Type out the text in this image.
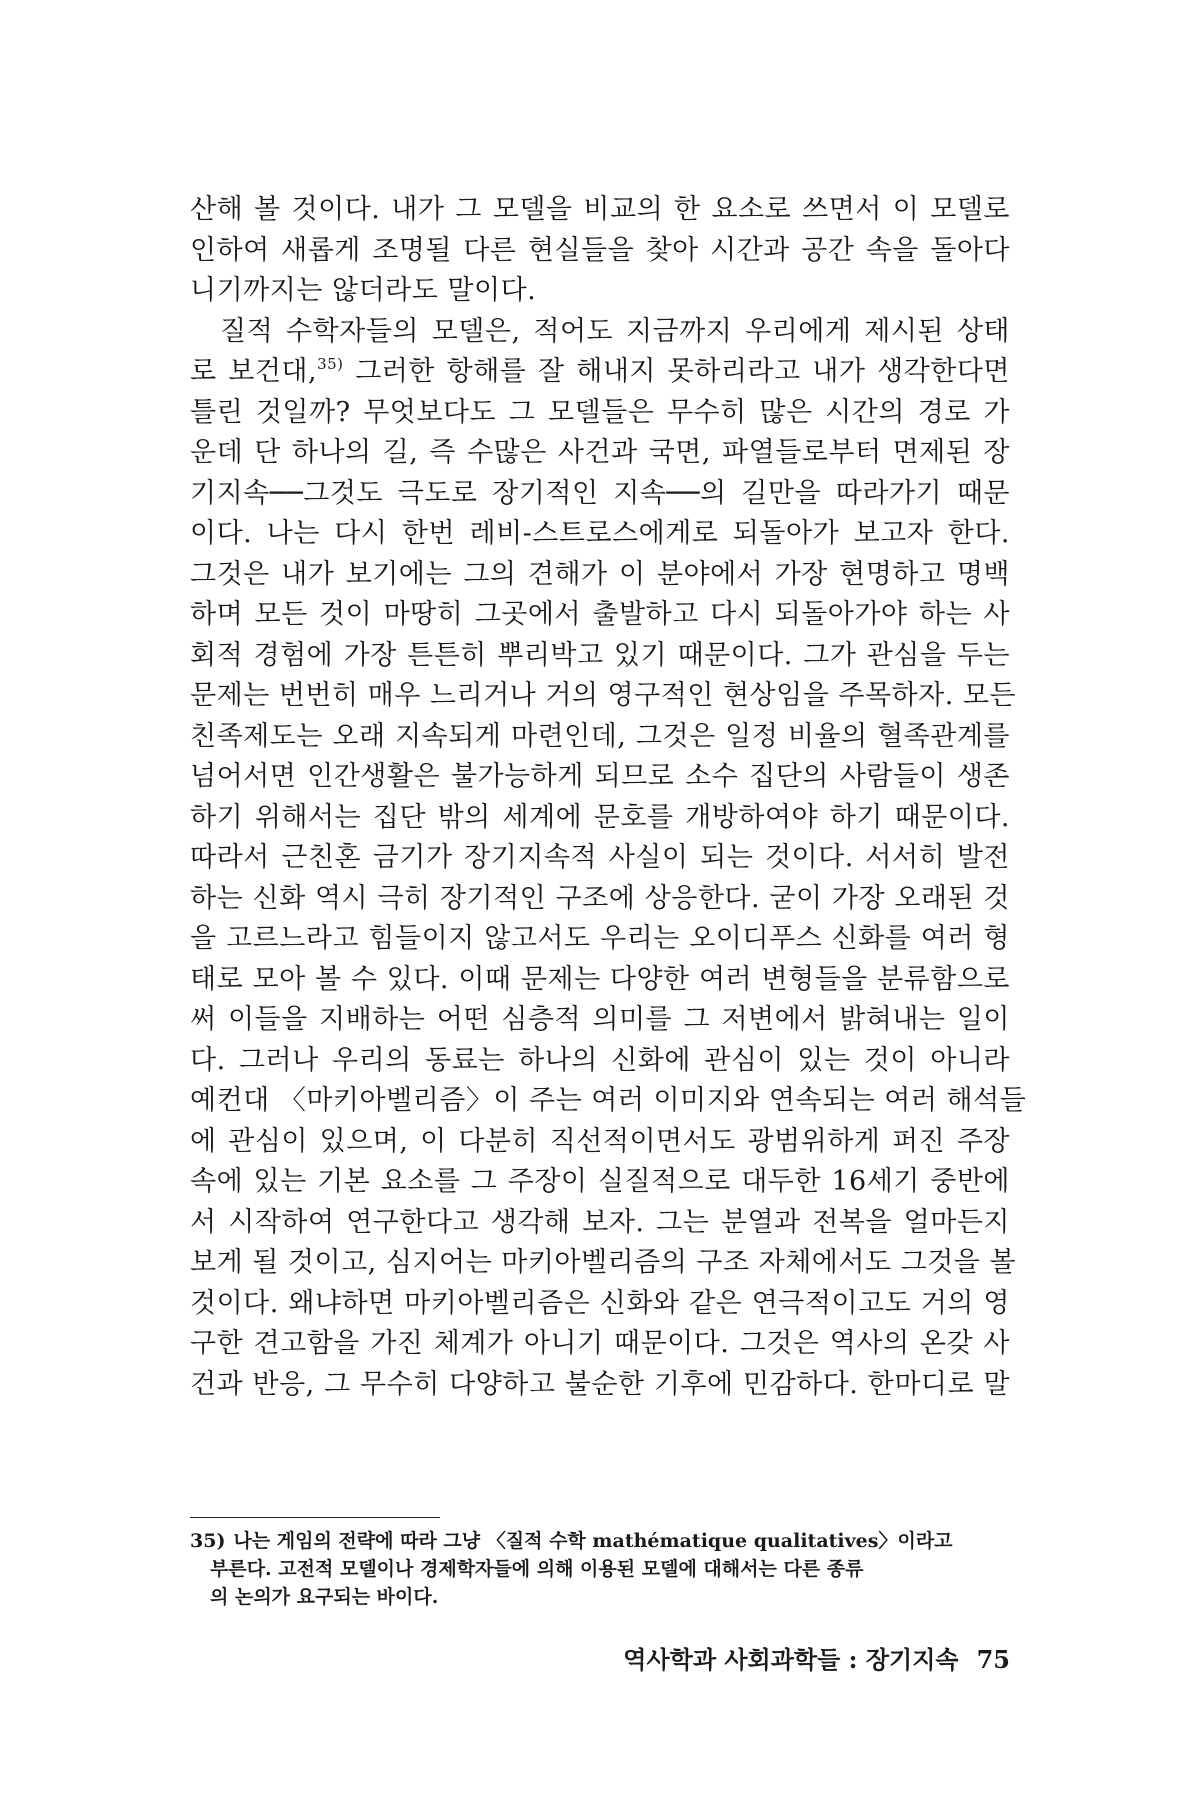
산해 볼 것이다. 내가 그 모델을 비교의 한 요소로 쓰면서 이 모델로
인하여 새롭게 조명될 다른 현실들을 찾아 시간과 공간 속을 돌아다
니기까지는 않더라도 말이다.
질적 수학자들의 모델은, 적어도 지금까지 우리에게 제시된 상태
로 보건대,$^{35)}$ 그러한 항해를 잘 해내지 못하리라고 내가 생각한다면
틀린 것일까? 무엇보다도 그 모델들은 무수히 많은 시간의 경로 가
운데 단 하나의 길, 즉 수많은 사건과 국면, 파열들로부터 면제된 장
기지속──그것도 극도로 장기적인 지속──의 길만을 따라가기 때문
이다. 나는 다시 한번 레비-스트로스에게로 되돌아가 보고자 한다.
그것은 내가 보기에는 그의 견해가 이 분야에서 가장 현명하고 명백
하며 모든 것이 마땅히 그곳에서 출발하고 다시 되돌아가야 하는 사
회적 경험에 가장 튼튼히 뿌리박고 있기 때문이다. 그가 관심을 두는
문제는 번번히 매우 느리거나 거의 영구적인 현상임을 주목하자. 모든
친족제도는 오래 지속되게 마련인데, 그것은 일정 비율의 혈족관계를
넘어서면 인간생활은 불가능하게 되므로 소수 집단의 사람들이 생존
하기 위해서는 집단 밖의 세계에 문호를 개방하여야 하기 때문이다.
따라서 근친혼 금기가 장기지속적 사실이 되는 것이다. 서서히 발전
하는 신화 역시 극히 장기적인 구조에 상응한다. 굳이 가장 오래된 것
을 고르느라고 힘들이지 않고서도 우리는 오이디푸스 신화를 여러 형
태로 모아 볼 수 있다. 이때 문제는 다양한 여러 변형들을 분류함으로
써 이들을 지배하는 어떤 심층적 의미를 그 저변에서 밝혀내는 일이
다. 그러나 우리의 동료는 하나의 신화에 관심이 있는 것이 아니라
예컨대 〈마키아벨리즘〉이 주는 여러 이미지와 연속되는 여러 해석들
에 관심이 있으며, 이 다분히 직선적이면서도 광범위하게 퍼진 주장
속에 있는 기본 요소를 그 주장이 실질적으로 대두한 16세기 중반에
서 시작하여 연구한다고 생각해 보자. 그는 분열과 전복을 얼마든지
보게 될 것이고, 심지어는 마키아벨리즘의 구조 자체에서도 그것을 볼
것이다. 왜냐하면 마키아벨리즘은 신화와 같은 연극적이고도 거의 영
구한 견고함을 가진 체계가 아니기 때문이다. 그것은 역사의 온갖 사
건과 반응, 그 무수히 다양하고 불순한 기후에 민감하다. 한마디로 말
35) 나는 게임의 전략에 따라 그냥 〈질적 수학 mathématique qualitatives〉이라고
부른다. 고전적 모델이나 경제학자들에 의해 이용된 모델에 대해서는 다른 종류
의 논의가 요구되는 바이다.
역사학과 사회과학들 : 장기지속 75
